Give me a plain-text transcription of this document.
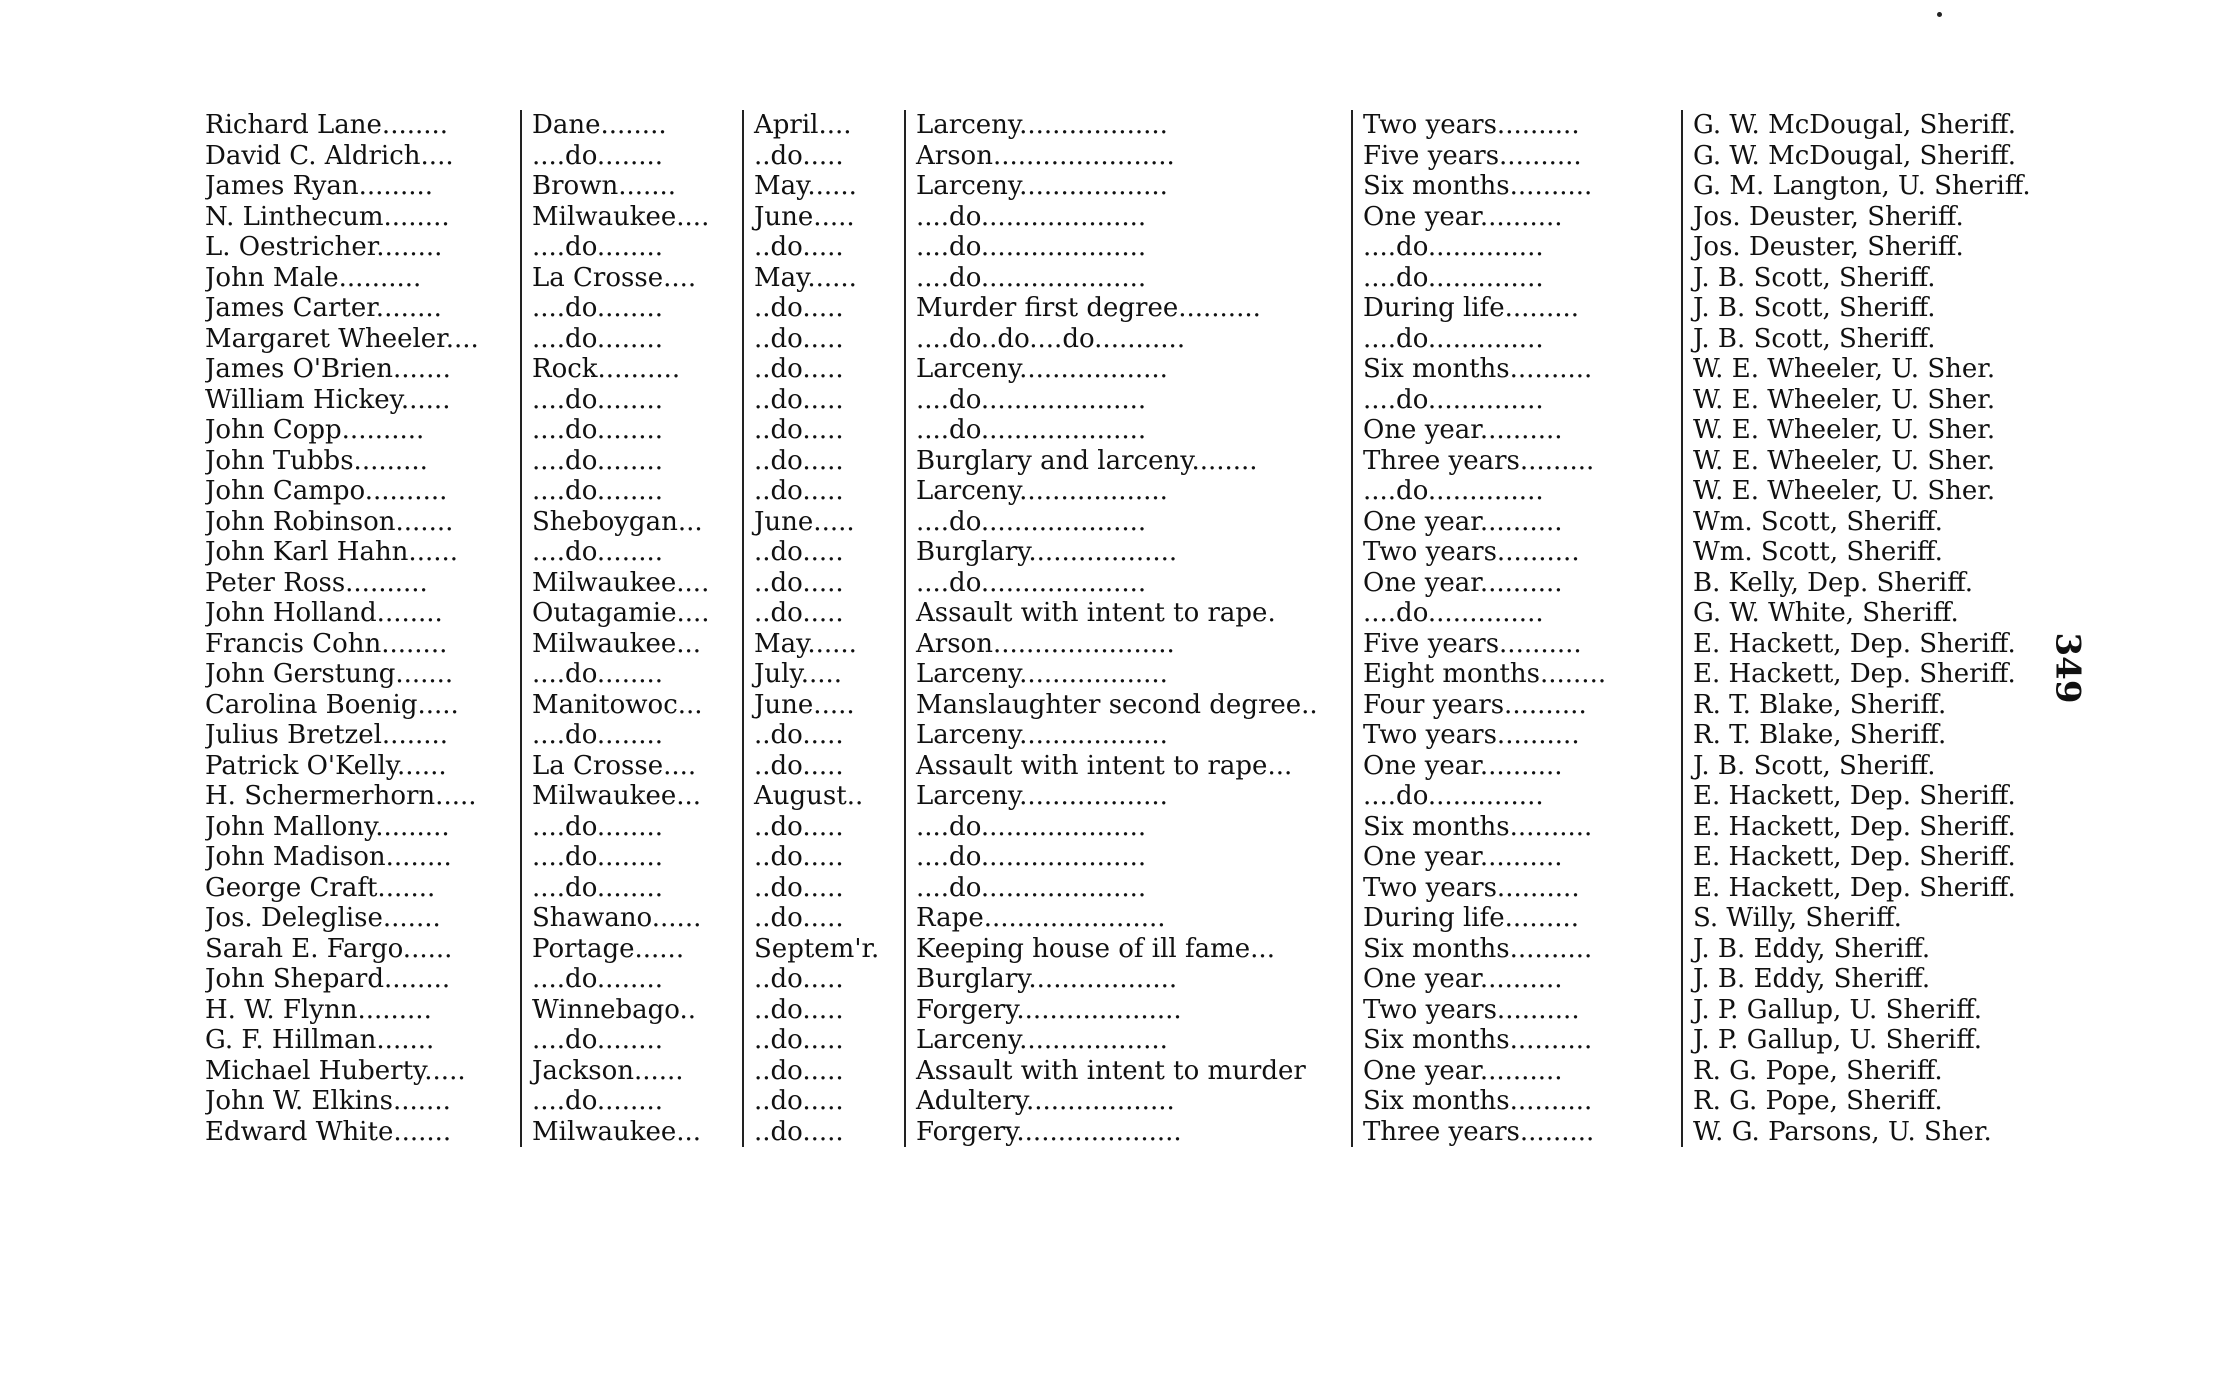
Richard Lane........	Dane........	April....	Larceny..................	Two years..........	G. W. McDougal, Sheriff.
David C. Aldrich....	....do........	..do.....	Arson......................	Five years..........	G. W. McDougal, Sheriff.
James Ryan.........	Brown.......	May......	Larceny..................	Six months..........	G. M. Langton, U. Sheriff.
N. Linthecum........	Milwaukee....	June.....	....do....................	One year..........	Jos. Deuster, Sheriff.
L. Oestricher........	....do........	..do.....	....do....................	....do..............	Jos. Deuster, Sheriff.
John Male..........	La Crosse....	May......	....do....................	....do..............	J. B. Scott, Sheriff.
James Carter........	....do........	..do.....	Murder first degree..........	During life.........	J. B. Scott, Sheriff.
Margaret Wheeler....	....do........	..do.....	....do..do....do...........	....do..............	J. B. Scott, Sheriff.
James O'Brien.......	Rock..........	..do.....	Larceny..................	Six months..........	W. E. Wheeler, U. Sher.
William Hickey......	....do........	..do.....	....do....................	....do..............	W. E. Wheeler, U. Sher.
John Copp..........	....do........	..do.....	....do....................	One year..........	W. E. Wheeler, U. Sher.
John Tubbs.........	....do........	..do.....	Burglary and larceny........	Three years.........	W. E. Wheeler, U. Sher.
John Campo..........	....do........	..do.....	Larceny..................	....do..............	W. E. Wheeler, U. Sher.
John Robinson.......	Sheboygan...	June.....	....do....................	One year..........	Wm. Scott, Sheriff.
John Karl Hahn......	....do........	..do.....	Burglary..................	Two years..........	Wm. Scott, Sheriff.
Peter Ross..........	Milwaukee....	..do.....	....do....................	One year..........	B. Kelly, Dep. Sheriff.
John Holland........	Outagamie....	..do.....	Assault with intent to rape.	....do..............	G. W. White, Sheriff.
Francis Cohn........	Milwaukee...	May......	Arson......................	Five years..........	E. Hackett, Dep. Sheriff.
John Gerstung.......	....do........	July.....	Larceny..................	Eight months........	E. Hackett, Dep. Sheriff.
Carolina Boenig.....	Manitowoc...	June.....	Manslaughter second degree..	Four years..........	R. T. Blake, Sheriff.
Julius Bretzel........	....do........	..do.....	Larceny..................	Two years..........	R. T. Blake, Sheriff.
Patrick O'Kelly......	La Crosse....	..do.....	Assault with intent to rape...	One year..........	J. B. Scott, Sheriff.
H. Schermerhorn.....	Milwaukee...	August..	Larceny..................	....do..............	E. Hackett, Dep. Sheriff.
John Mallony.........	....do........	..do.....	....do....................	Six months..........	E. Hackett, Dep. Sheriff.
John Madison........	....do........	..do.....	....do....................	One year..........	E. Hackett, Dep. Sheriff.
George Craft.......	....do........	..do.....	....do....................	Two years..........	E. Hackett, Dep. Sheriff.
Jos. Deleglise.......	Shawano......	..do.....	Rape......................	During life.........	S. Willy, Sheriff.
Sarah E. Fargo......	Portage......	Septem'r.	Keeping house of ill fame...	Six months..........	J. B. Eddy, Sheriff.
John Shepard........	....do........	..do.....	Burglary..................	One year..........	J. B. Eddy, Sheriff.
H. W. Flynn.........	Winnebago..	..do.....	Forgery....................	Two years..........	J. P. Gallup, U. Sheriff.
G. F. Hillman.......	....do........	..do.....	Larceny..................	Six months..........	J. P. Gallup, U. Sheriff.
Michael Huberty.....	Jackson......	..do.....	Assault with intent to murder	One year..........	R. G. Pope, Sheriff.
John W. Elkins.......	....do........	..do.....	Adultery..................	Six months..........	R. G. Pope, Sheriff.
Edward White.......	Milwaukee...	..do.....	Forgery....................	Three years.........	W. G. Parsons, U. Sher.
349
